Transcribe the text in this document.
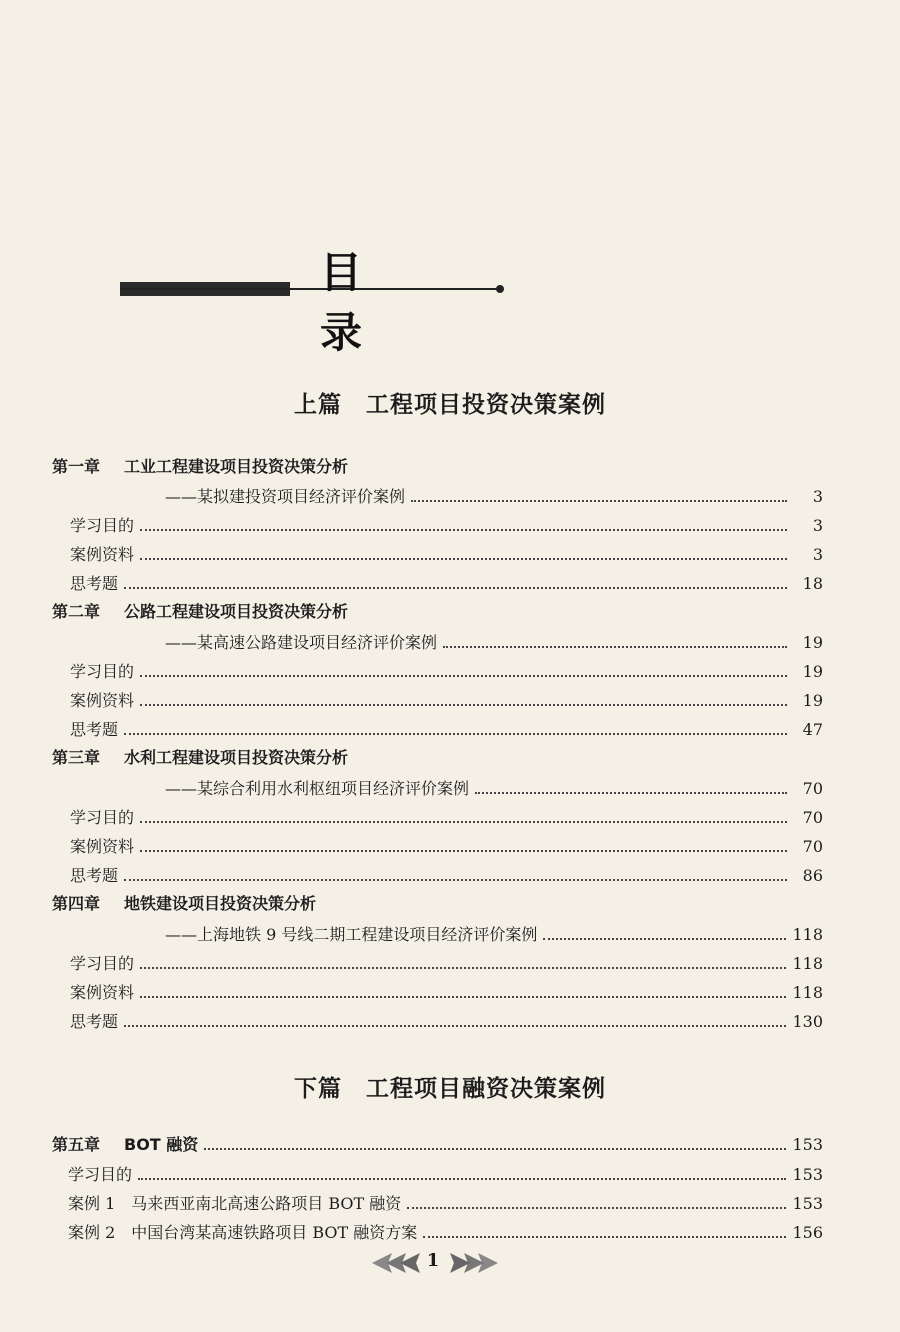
目录
上篇　工程项目投资决策案例
第一章 工业工程建设项目投资决策分析
——某拟建投资项目经济评价案例	3
学习目的	3
案例资料	3
思考题	18
第二章 公路工程建设项目投资决策分析
——某高速公路建设项目经济评价案例	19
学习目的	19
案例资料	19
思考题	47
第三章 水利工程建设项目投资决策分析
——某综合利用水利枢纽项目经济评价案例	70
学习目的	70
案例资料	70
思考题	86
第四章 地铁建设项目投资决策分析
——上海地铁 9 号线二期工程建设项目经济评价案例	118
学习目的	118
案例资料	118
思考题	130
下篇　工程项目融资决策案例
第五章	BOT 融资	153
学习目的	153
案例 1　马来西亚南北高速公路项目 BOT 融资	153
案例 2　中国台湾某高速铁路项目 BOT 融资方案	156
1
